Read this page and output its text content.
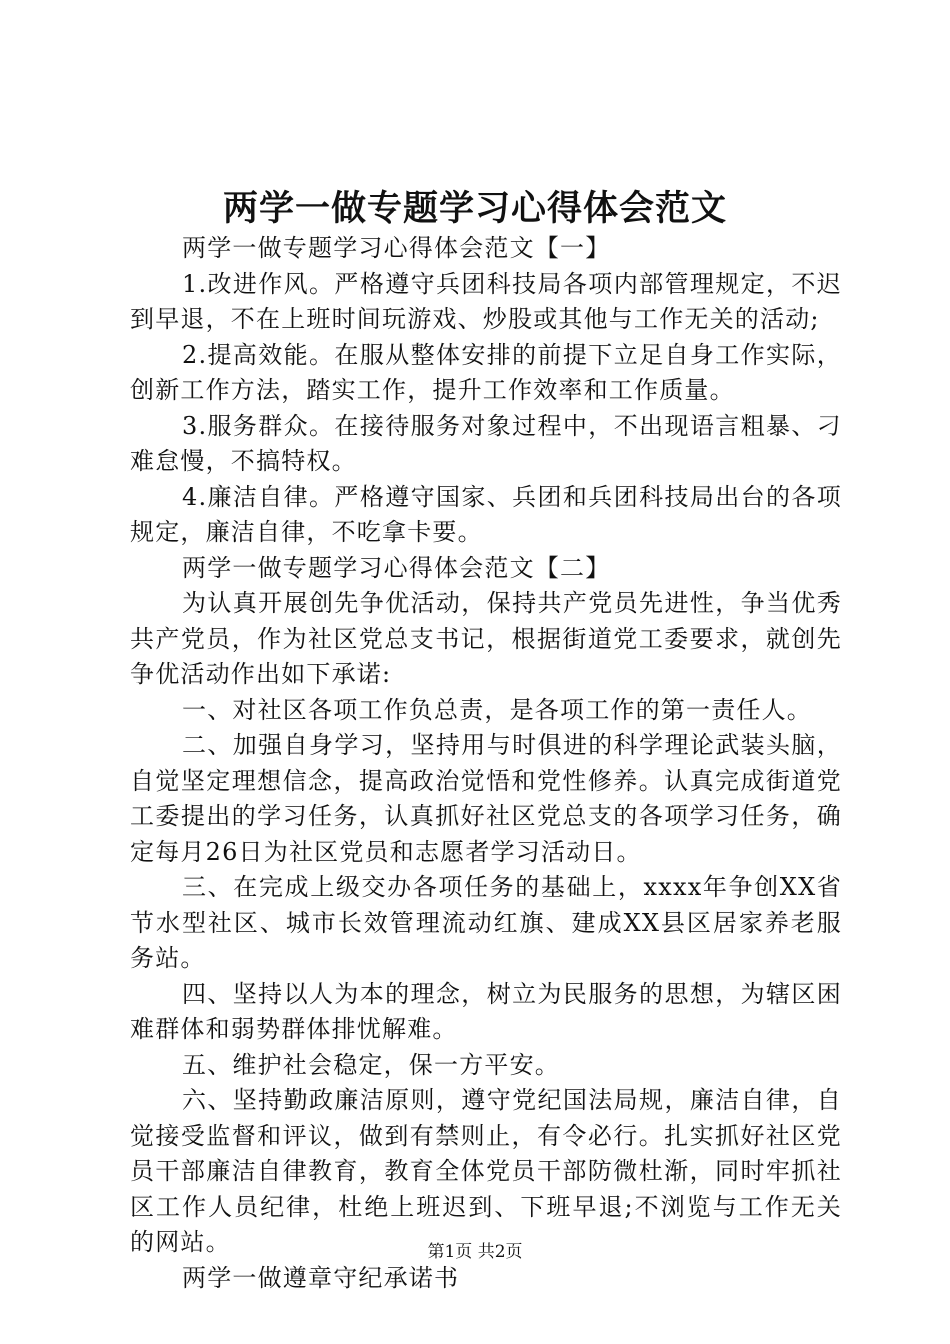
两学一做专题学习心得体会范文

两学一做专题学习心得体会范文【一】

1.改进作风。严格遵守兵团科技局各项内部管理规定，不迟到早退，不在上班时间玩游戏、炒股或其他与工作无关的活动;

2.提高效能。在服从整体安排的前提下立足自身工作实际，创新工作方法，踏实工作，提升工作效率和工作质量。

3.服务群众。在接待服务对象过程中，不出现语言粗暴、刁难怠慢，不搞特权。

4.廉洁自律。严格遵守国家、兵团和兵团科技局出台的各项规定，廉洁自律，不吃拿卡要。

两学一做专题学习心得体会范文【二】

为认真开展创先争优活动，保持共产党员先进性，争当优秀共产党员，作为社区党总支书记，根据街道党工委要求，就创先争优活动作出如下承诺:

一、对社区各项工作负总责，是各项工作的第一责任人。

二、加强自身学习，坚持用与时俱进的科学理论武装头脑，自觉坚定理想信念，提高政治觉悟和党性修养。认真完成街道党工委提出的学习任务，认真抓好社区党总支的各项学习任务，确定每月26日为社区党员和志愿者学习活动日。

三、在完成上级交办各项任务的基础上，xxxx年争创XX省节水型社区、城市长效管理流动红旗、建成XX县区居家养老服务站。

四、坚持以人为本的理念，树立为民服务的思想，为辖区困难群体和弱势群体排忧解难。

五、维护社会稳定，保一方平安。

六、坚持勤政廉洁原则，遵守党纪国法局规，廉洁自律，自觉接受监督和评议，做到有禁则止，有令必行。扎实抓好社区党员干部廉洁自律教育，教育全体党员干部防微杜渐，同时牢抓社区工作人员纪律，杜绝上班迟到、下班早退;不浏览与工作无关的网站。

两学一做遵章守纪承诺书

第1页 共2页
